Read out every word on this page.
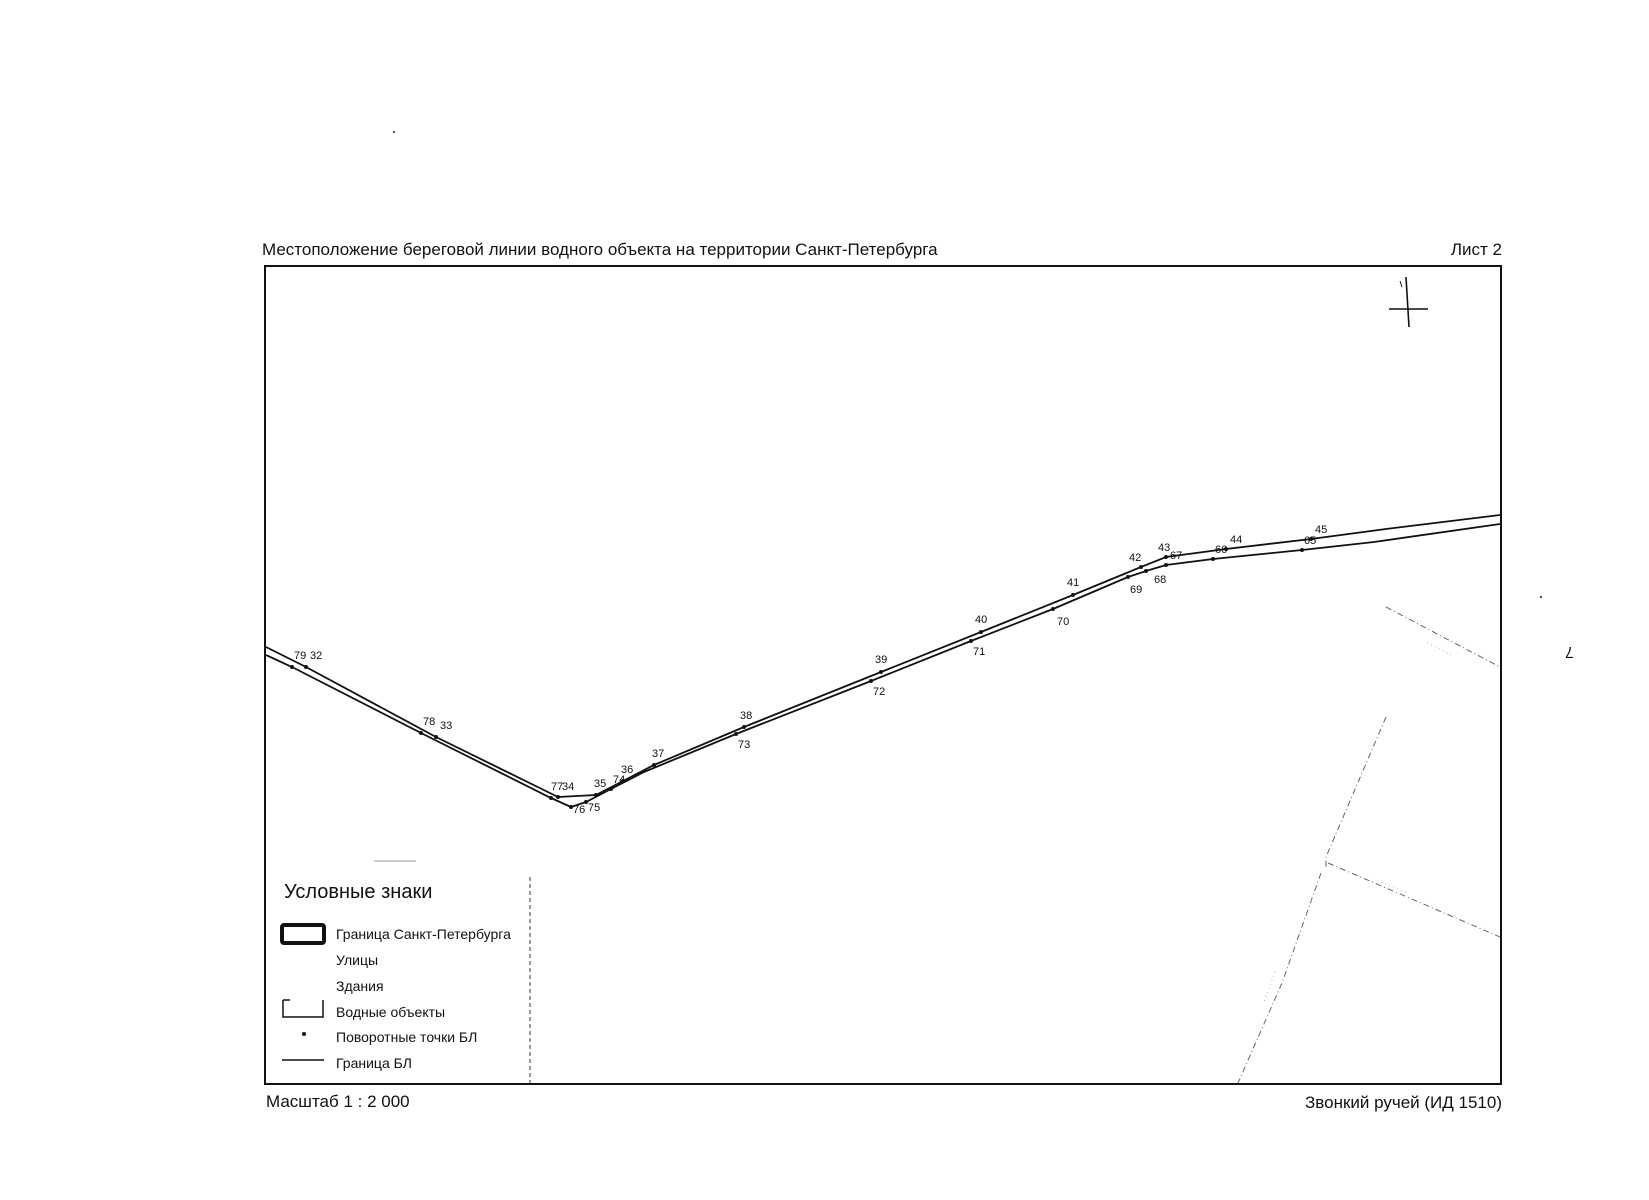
Местоположение береговой линии водного объекта на территории Санкт-Петербурга	Лист 2
· · · · · · ·
· · · · · · · ·
· · · · · · · ·
32
33
34 35
36
37
38
39
40
41
42
43
44
45
79
78
77
76 75
74
73
72
71
70
69
68
67	66
65
Условные знаки
Граница Санкт-Петербурга
Улицы
Здания
Водные объекты
Поворотные точки БЛ
Граница БЛ
Масштаб 1 : 2 000	Звонкий ручей (ИД 1510)
7
